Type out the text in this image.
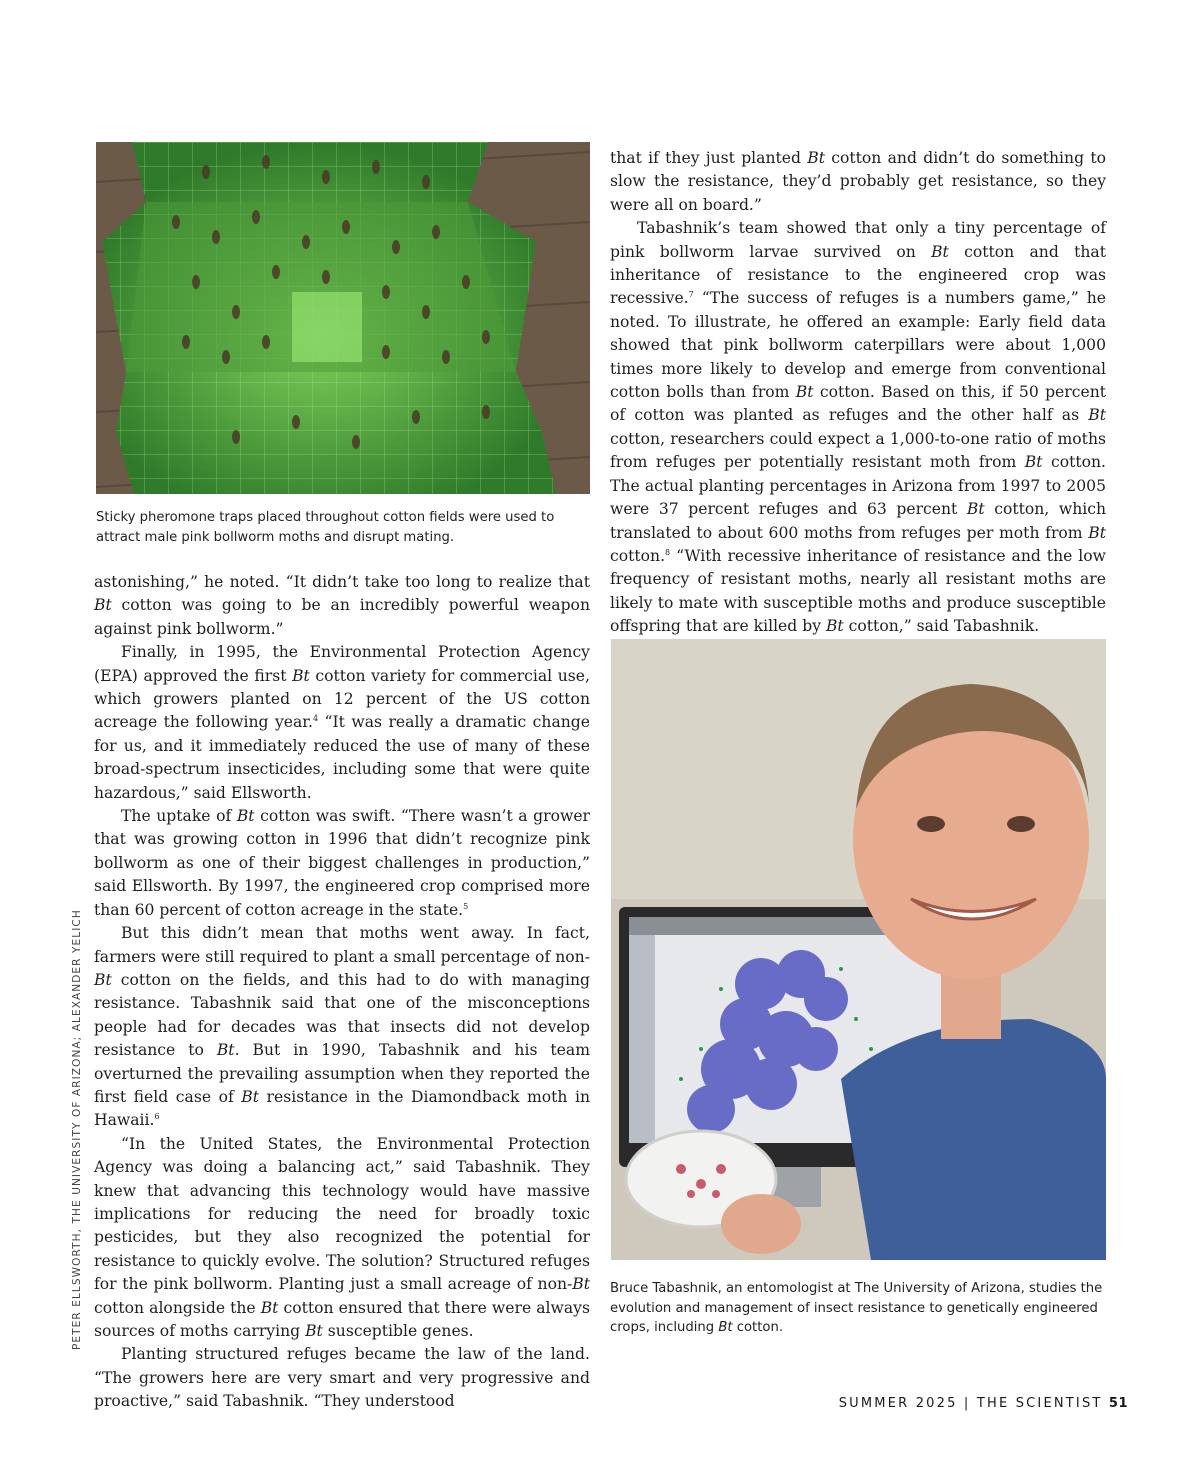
PETER ELLSWORTH, THE UNIVERSITY OF ARIZONA; ALEXANDER YELICH
Sticky pheromone traps placed throughout cotton fields were used to attract male pink bollworm moths and disrupt mating.

astonishing,” he noted. “It didn’t take too long to realize that Bt cotton was going to be an incredibly powerful weapon against pink bollworm.”

Finally, in 1995, the Environmental Protection Agency (EPA) approved the first Bt cotton variety for commercial use, which growers planted on 12 percent of the US cotton acreage the following year.$^4$ “It was really a dramatic change for us, and it immediately reduced the use of many of these broad-spectrum insecticides, including some that were quite hazardous,” said Ellsworth.

The uptake of Bt cotton was swift. “There wasn’t a grower that was growing cotton in 1996 that didn’t recognize pink bollworm as one of their biggest challenges in production,” said Ellsworth. By 1997, the engineered crop comprised more than 60 percent of cotton acreage in the state.$^5$

But this didn’t mean that moths went away. In fact, farmers were still required to plant a small percentage of non-Bt cotton on the fields, and this had to do with managing resistance. Tabashnik said that one of the misconceptions people had for decades was that insects did not develop resistance to Bt. But in 1990, Tabashnik and his team overturned the prevailing assumption when they reported the first field case of Bt resistance in the Diamondback moth in Hawaii.$^6$

“In the United States, the Environmental Protection Agency was doing a balancing act,” said Tabashnik. They knew that advancing this technology would have massive implications for reducing the need for broadly toxic pesticides, but they also recognized the potential for resistance to quickly evolve. The solution? Structured refuges for the pink bollworm. Planting just a small acreage of non-Bt cotton alongside the Bt cotton ensured that there were always sources of moths carrying Bt susceptible genes.

Planting structured refuges became the law of the land. “The growers here are very smart and very progressive and proactive,” said Tabashnik. “They understood

that if they just planted Bt cotton and didn’t do something to slow the resistance, they’d probably get resistance, so they were all on board.”

Tabashnik’s team showed that only a tiny percentage of pink bollworm larvae survived on Bt cotton and that inheritance of resistance to the engineered crop was recessive.$^7$ “The success of refuges is a numbers game,” he noted. To illustrate, he offered an example: Early field data showed that pink bollworm caterpillars were about 1,000 times more likely to develop and emerge from conventional cotton bolls than from Bt cotton. Based on this, if 50 percent of cotton was planted as refuges and the other half as Bt cotton, researchers could expect a 1,000-to-one ratio of moths from refuges per potentially resistant moth from Bt cotton. The actual planting percentages in Arizona from 1997 to 2005 were 37 percent refuges and 63 percent Bt cotton, which translated to about 600 moths from refuges per moth from Bt cotton.$^8$ “With recessive inheritance of resistance and the low frequency of resistant moths, nearly all resistant moths are likely to mate with susceptible moths and produce susceptible offspring that are killed by Bt cotton,” said Tabashnik.

Bruce Tabashnik, an entomologist at The University of Arizona, studies the evolution and management of insect resistance to genetically engineered crops, including Bt cotton.
SUMMER 2025 | THE SCIENTIST 51
